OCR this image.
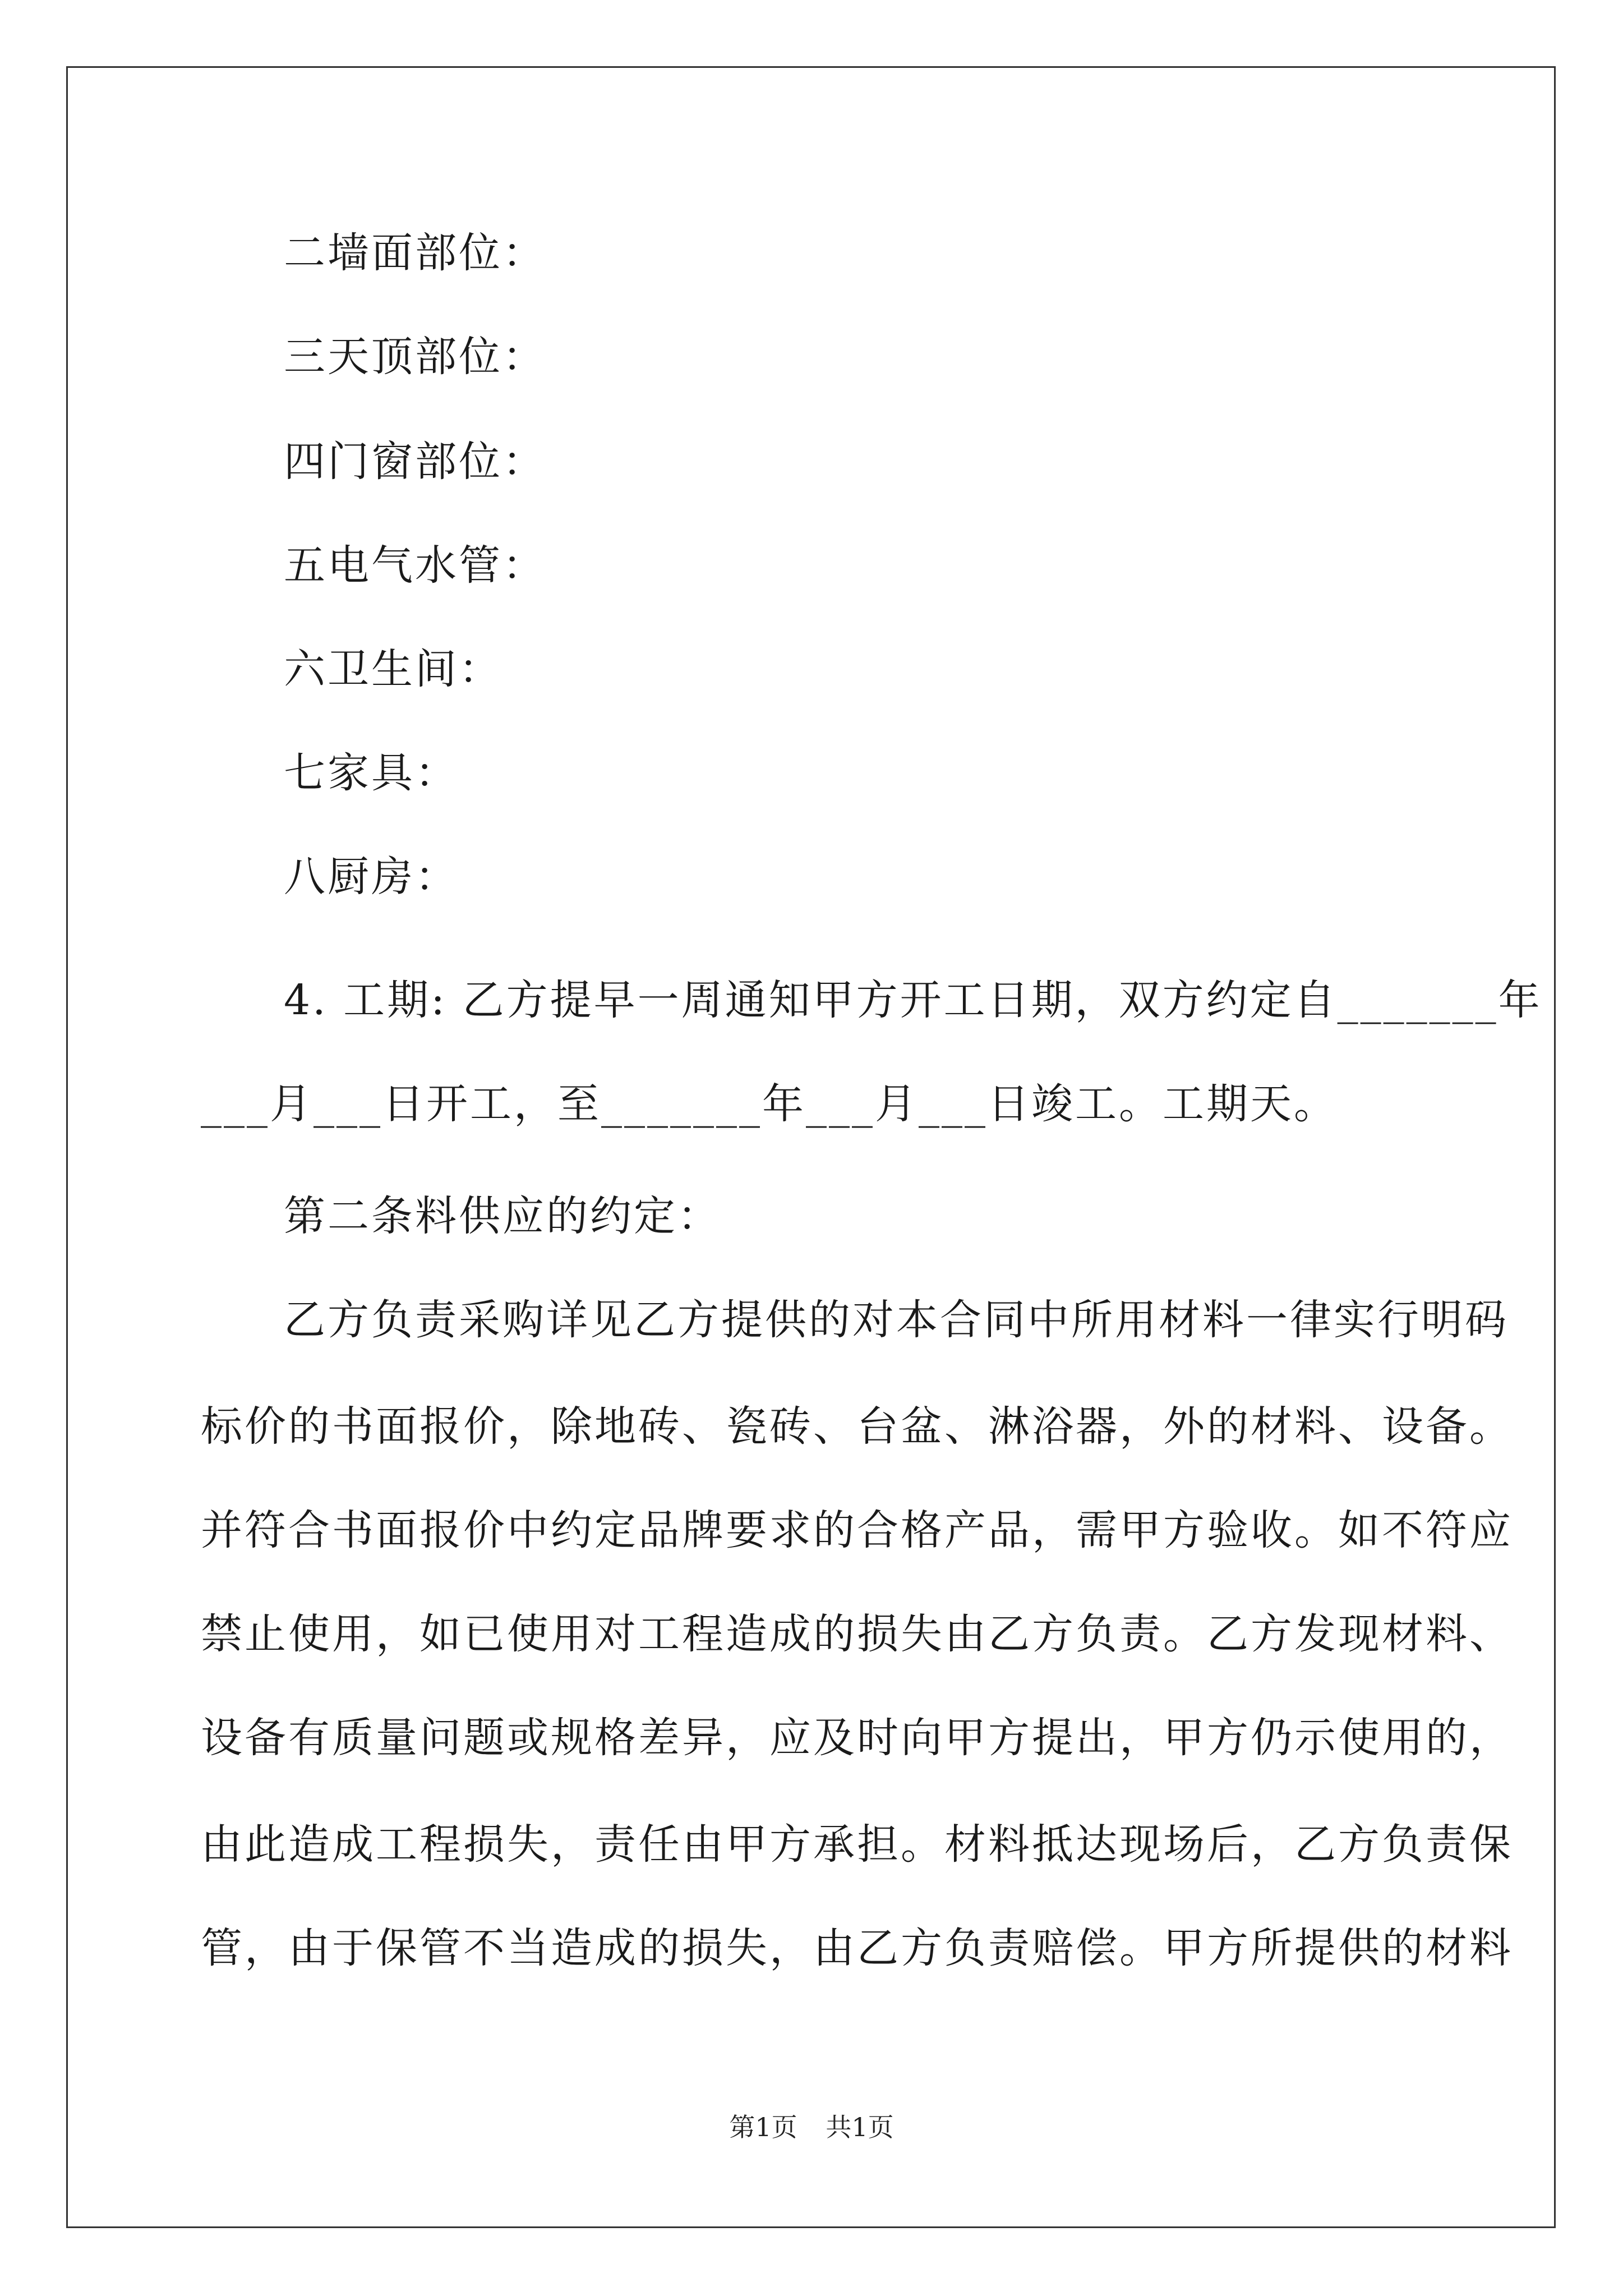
二墙面部位：
三天顶部位：
四门窗部位：
五电气水管：
六卫生间：
七家具：
八厨房：
4. 工期: 乙方提早一周通知甲方开工日期，双方约定自_______年
___月___日开工，至_______年___月___日竣工。工期天。
第二条料供应的约定：
乙方负责采购详见乙方提供的对本合同中所用材料一律实行明码
标价的书面报价，除地砖、瓷砖、台盆、淋浴器，外的材料、设备。
并符合书面报价中约定品牌要求的合格产品，需甲方验收。如不符应
禁止使用，如已使用对工程造成的损失由乙方负责。乙方发现材料、
设备有质量问题或规格差异，应及时向甲方提出，甲方仍示使用的，
由此造成工程损失，责任由甲方承担。材料抵达现场后，乙方负责保
管，由于保管不当造成的损失，由乙方负责赔偿。甲方所提供的材料
第1页 共1页
